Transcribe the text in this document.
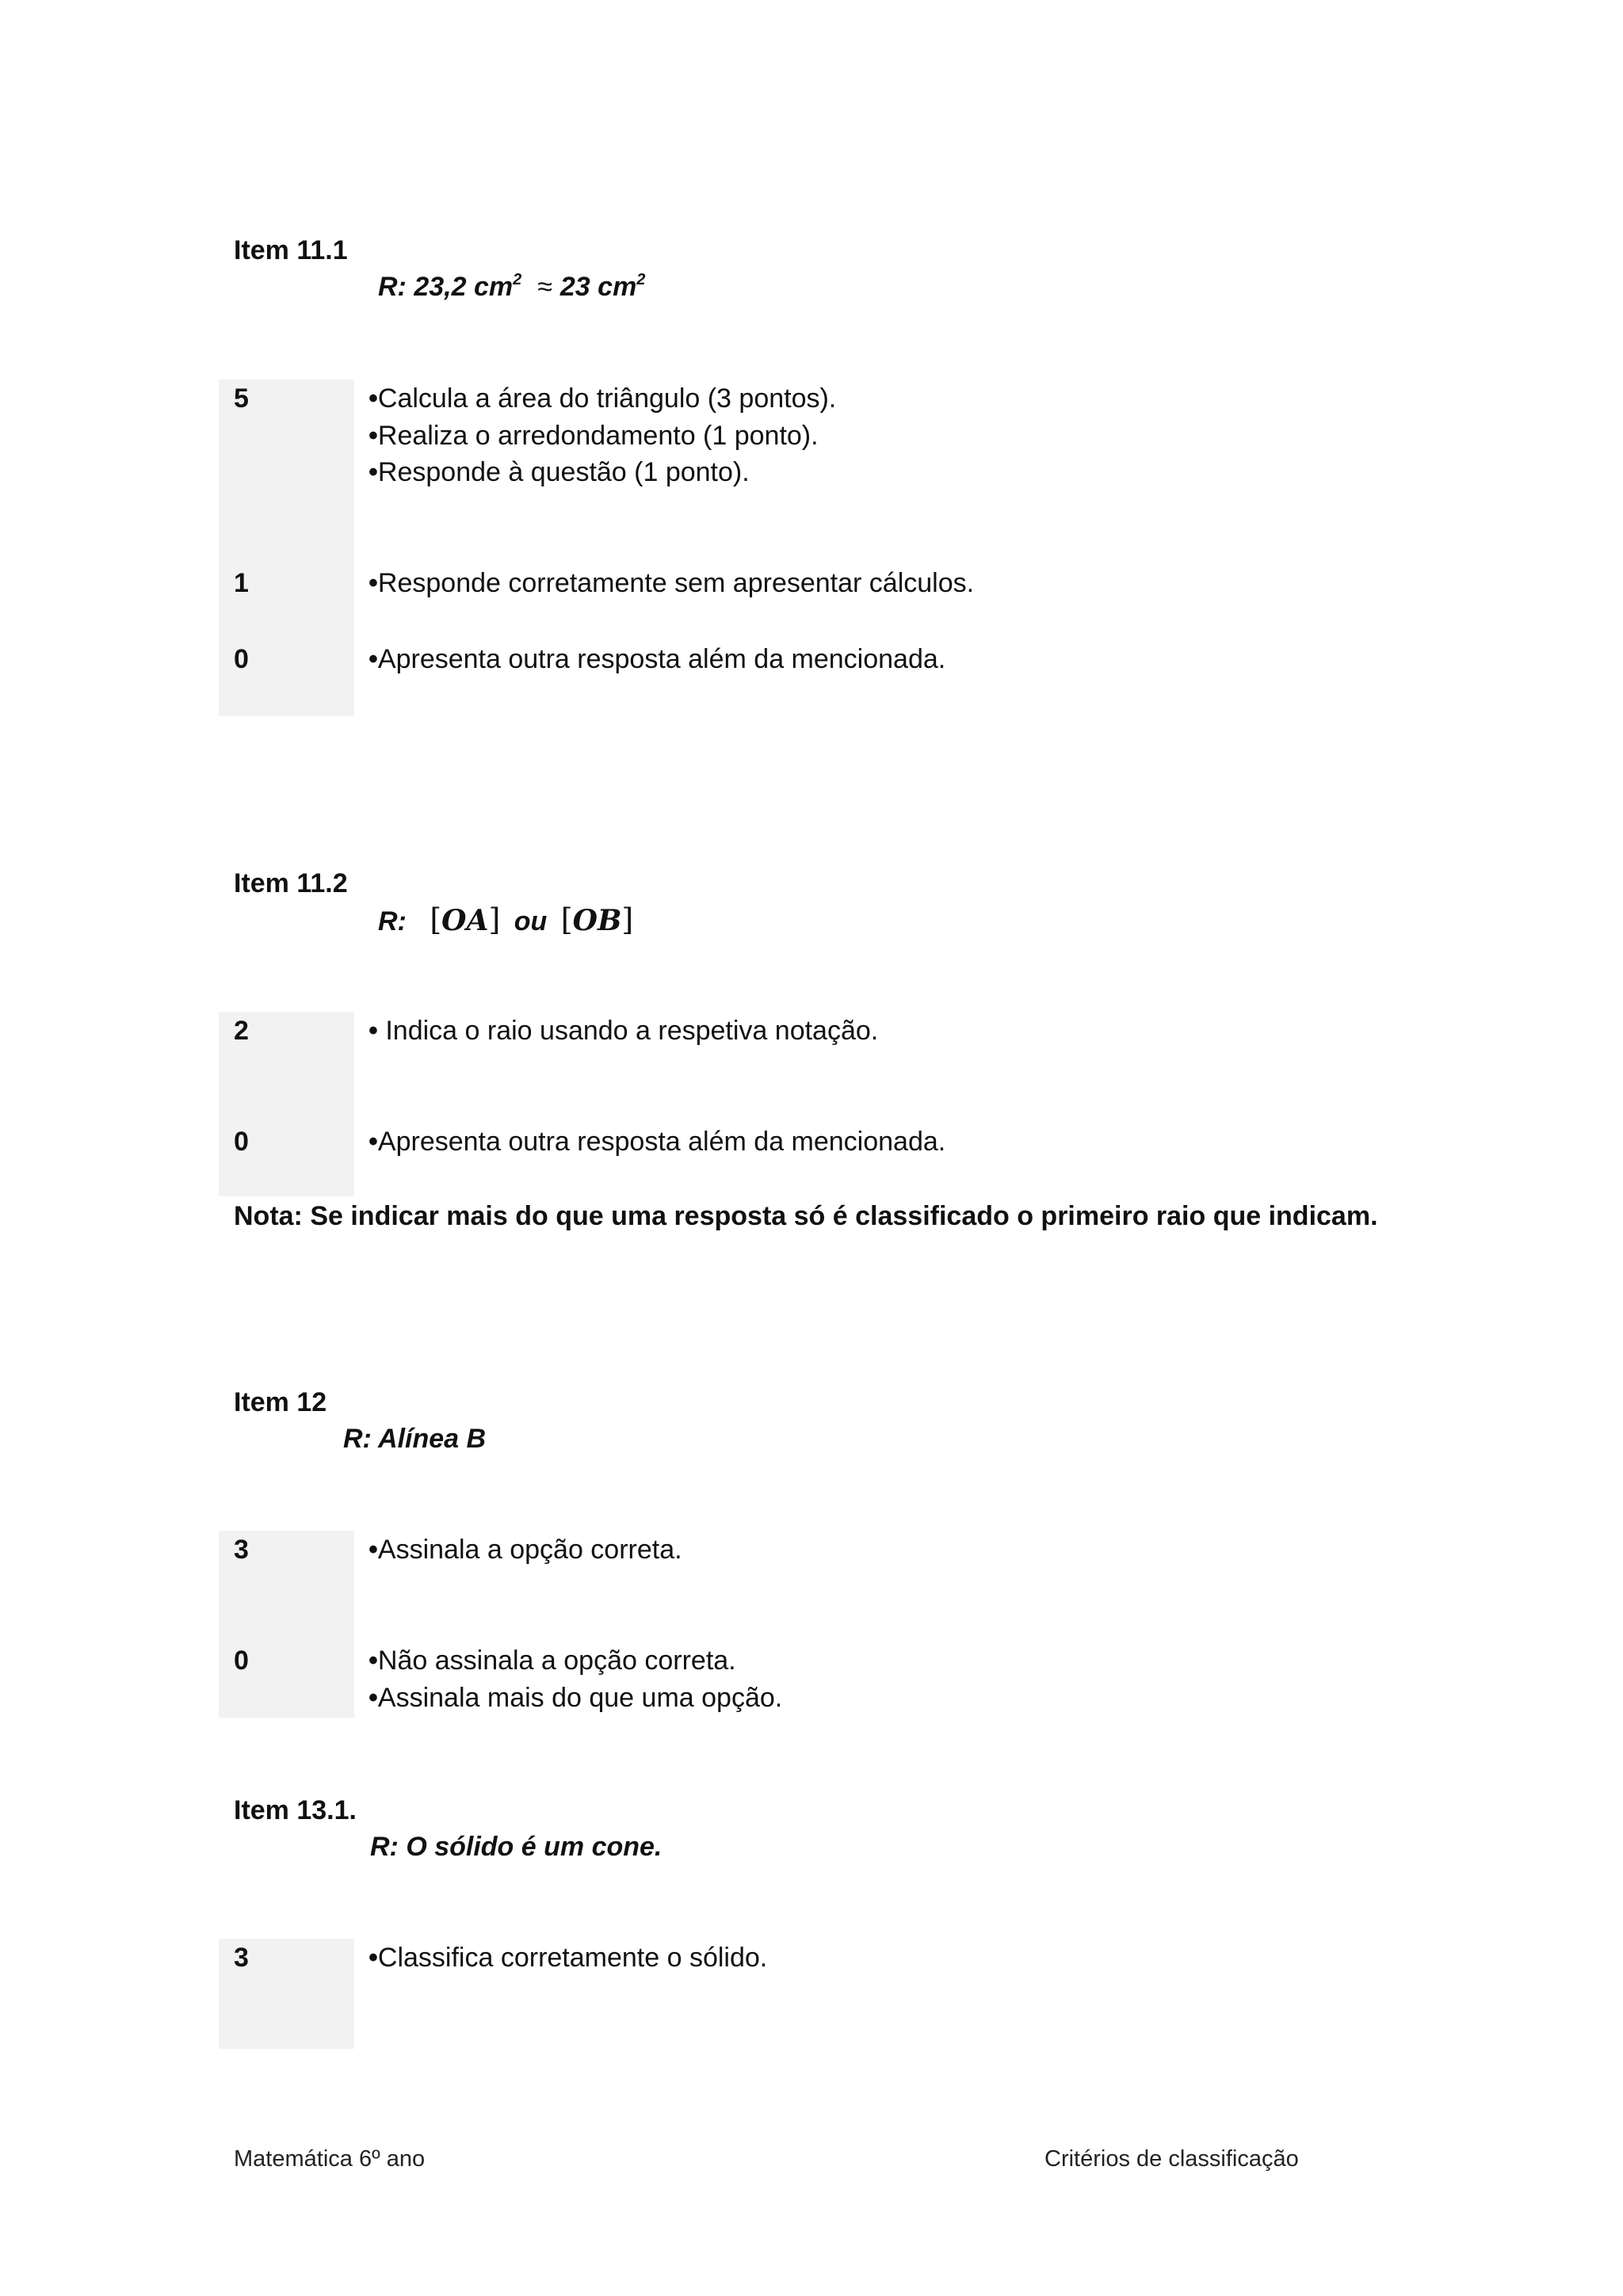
Item 11.1
R: 23,2 $cm^2 \approx 23$ $cm^2$
5	• Calcula a área do triângulo (3 pontos).
• Realiza o arredondamento (1 ponto).
• Responde à questão (1 ponto).
1	• Responde corretamente sem apresentar cálculos.
0	• Apresenta outra resposta além da mencionada.
Item 11.2
R: [OA] ou [OB]
2	• Indica o raio usando a respetiva notação.
0	• Apresenta outra resposta além da mencionada.
Nota: Se indicar mais do que uma resposta só é classificado o primeiro raio que indicam.
Item 12
R: Alínea B
3	• Assinala a opção correta.
0	• Não assinala a opção correta.
• Assinala mais do que uma opção.
Item 13.1.
R: O sólido é um cone.
3	• Classifica corretamente o sólido.
Matemática 6º ano	Critérios de classificação
